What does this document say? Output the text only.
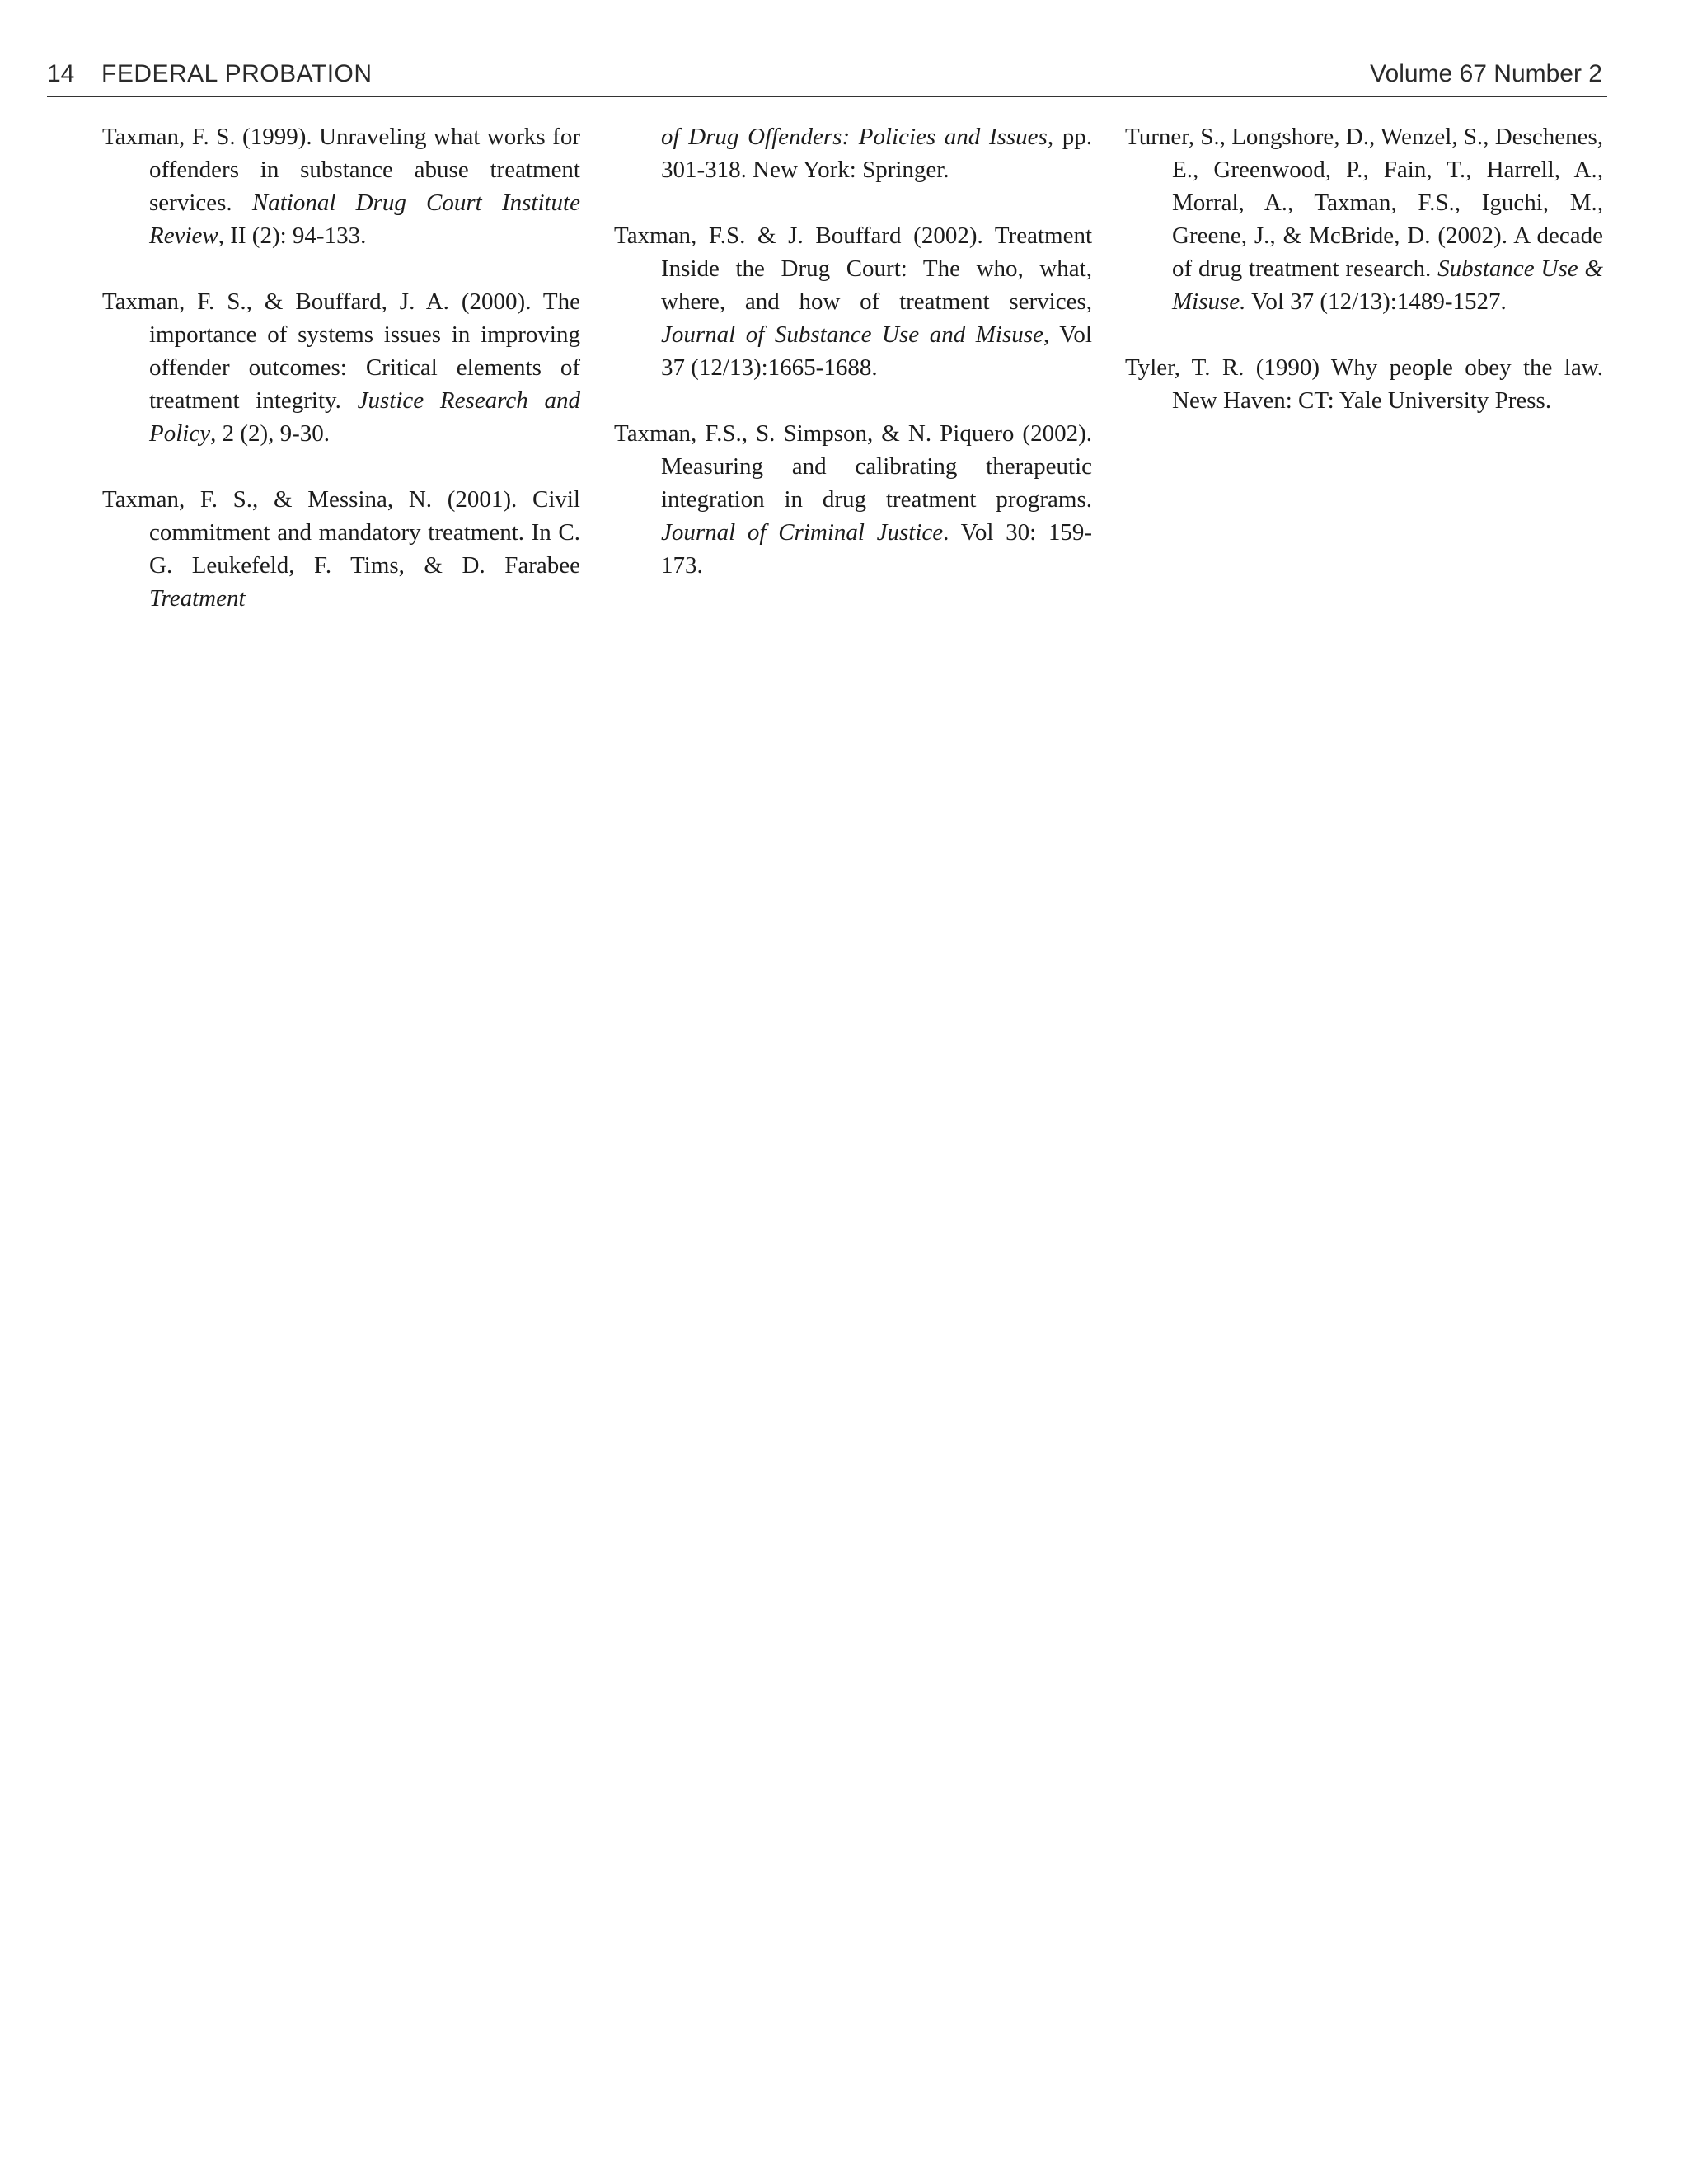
14 FEDERAL PROBATION	Volume 67 Number 2

Taxman, F. S. (1999). Unraveling what works for offenders in substance abuse treatment services. National Drug Court Institute Review, II (2): 94-133.

Taxman, F. S., & Bouffard, J. A. (2000). The importance of systems issues in improving offender outcomes: Critical elements of treatment integrity. Justice Research and Policy, 2 (2), 9-30.

Taxman, F. S., & Messina, N. (2001). Civil commitment and mandatory treatment. In C. G. Leukefeld, F. Tims, & D. Farabee Treatment

of Drug Offenders: Policies and Issues, pp. 301-318. New York: Springer.

Taxman, F.S. & J. Bouffard (2002). Treatment Inside the Drug Court: The who, what, where, and how of treatment services, Journal of Substance Use and Misuse, Vol 37 (12/13):1665-1688.

Taxman, F.S., S. Simpson, & N. Piquero (2002). Measuring and calibrating therapeutic integration in drug treatment programs. Journal of Criminal Justice. Vol 30: 159-173.

Turner, S., Longshore, D., Wenzel, S., Deschenes, E., Greenwood, P., Fain, T., Harrell, A., Morral, A., Taxman, F.S., Iguchi, M., Greene, J., & McBride, D. (2002). A decade of drug treatment research. Substance Use & Misuse. Vol 37 (12/13):1489-1527.

Tyler, T. R. (1990) Why people obey the law. New Haven: CT: Yale University Press.
